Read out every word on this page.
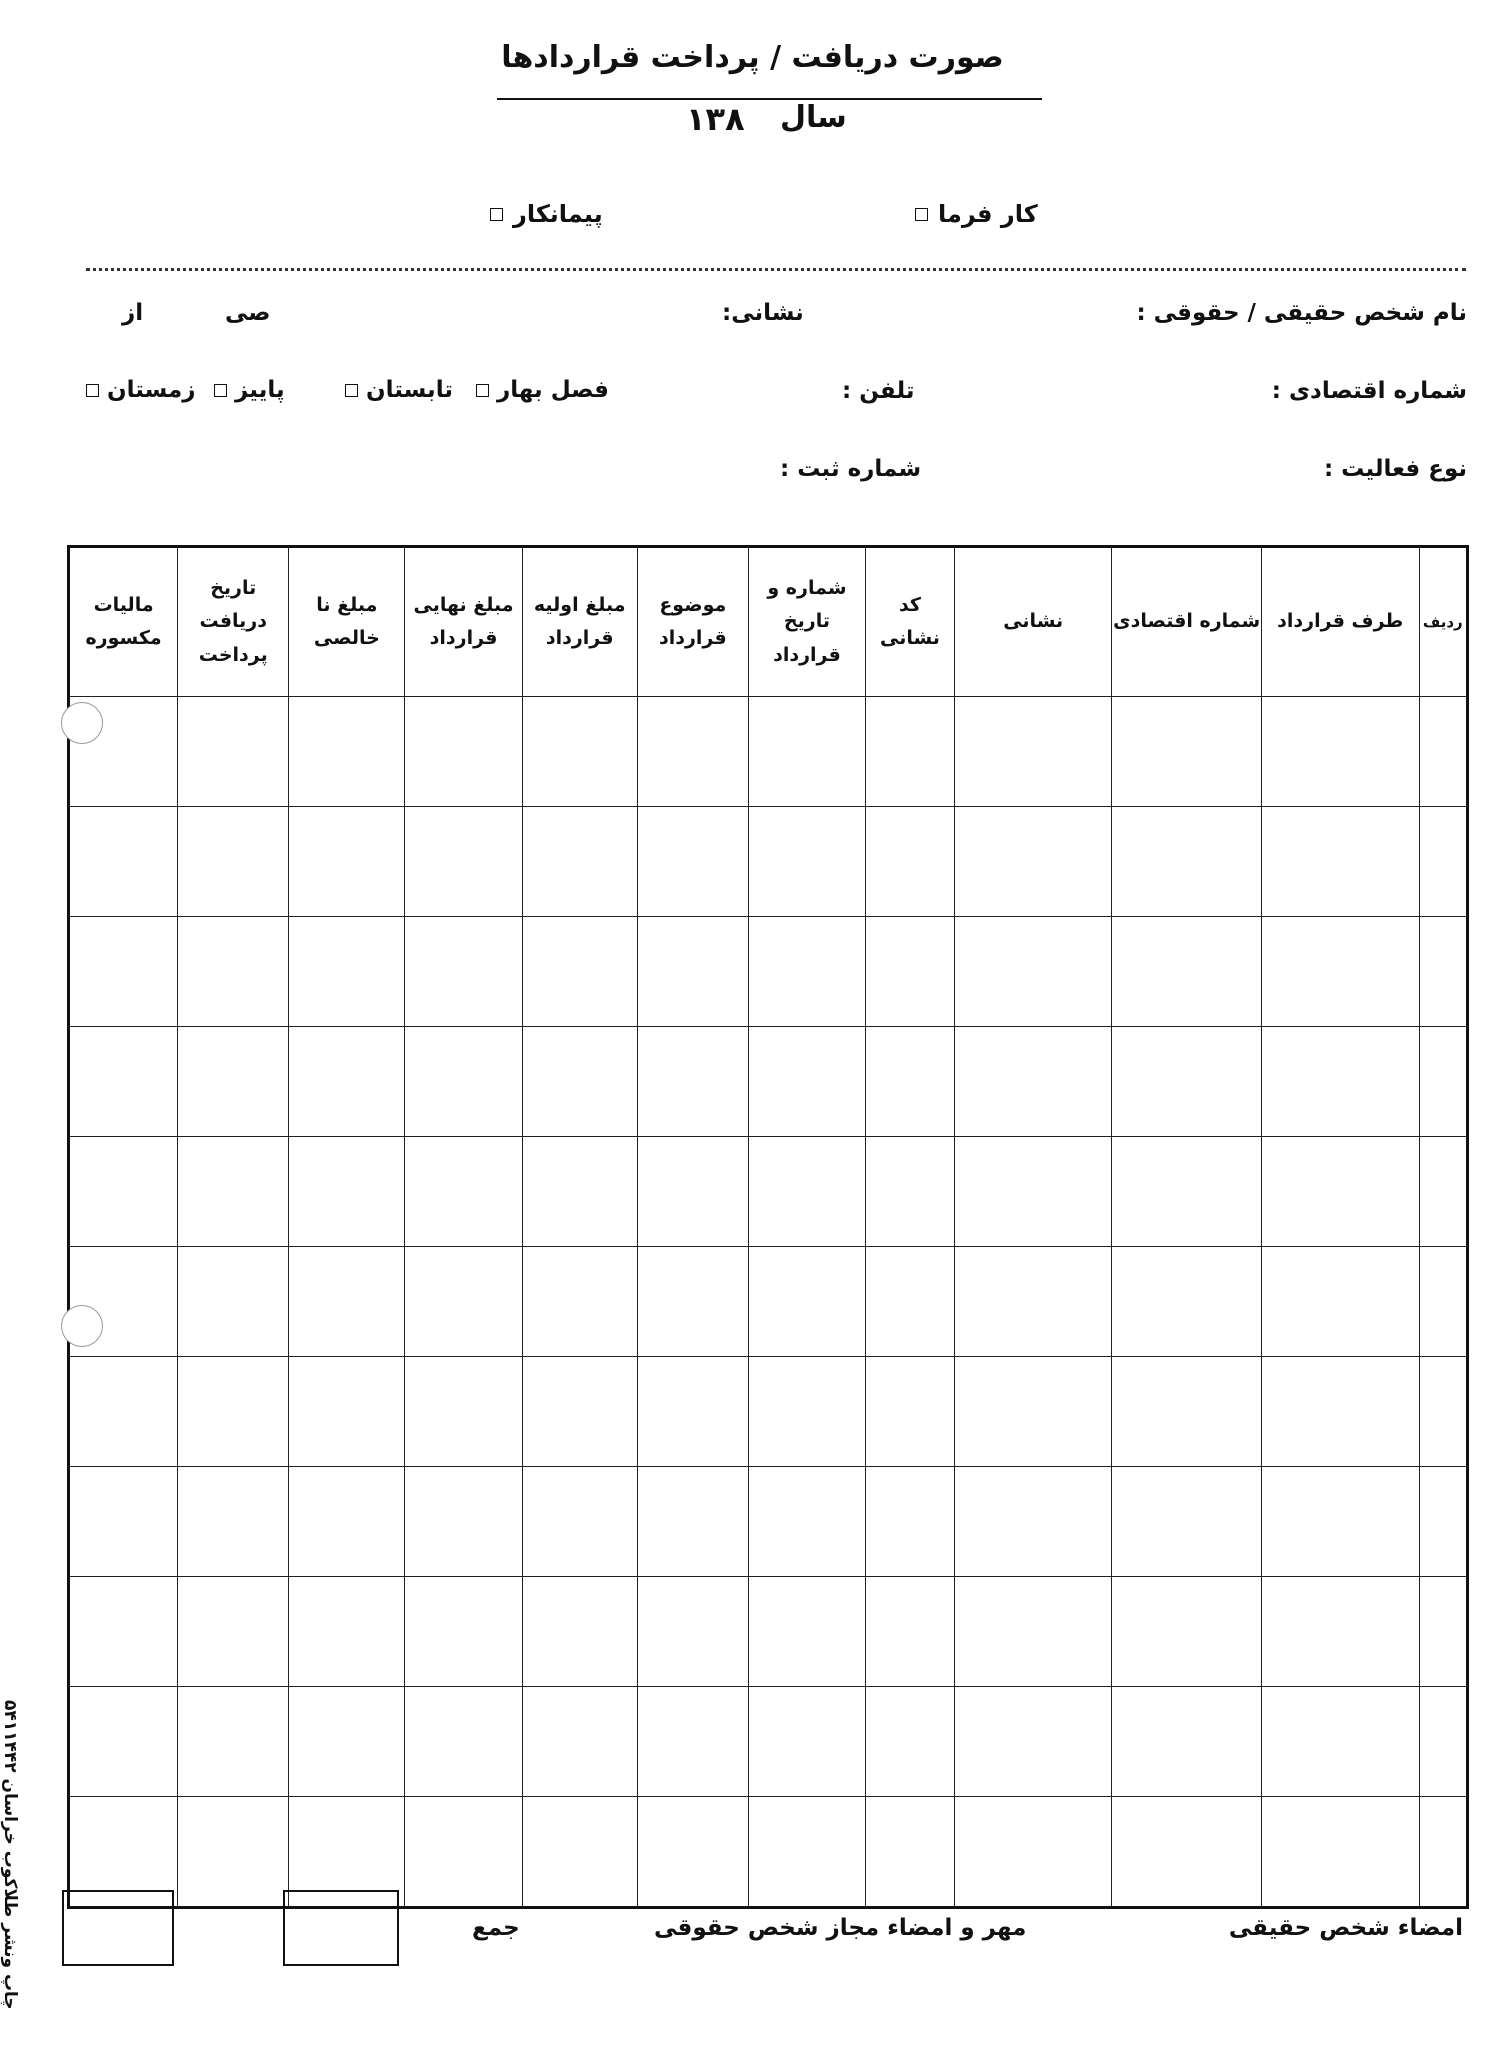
صورت دریافت / پرداخت قراردادها
سال
۱۳۸
کار فرما
پیمانکار
نام شخص حقیقی / حقوقی :
نشانی:
صی
از
شماره اقتصادی :
تلفن :
فصل بهار
تابستان
پاییز
زمستان
نوع فعالیت :
شماره ثبت :
ردیف	طرف قرارداد	شماره اقتصادی	نشانی	کد نشانی	شماره و تاریخ قرارداد	موضوع قرارداد	مبلغ اولیه قرارداد	مبلغ نهایی قرارداد	مبلغ نا خالصی	تاریخ دریافت پرداخت	مالیات مکسوره

امضاء شخص حقیقی
مهر و امضاء مجاز شخص حقوقی
جمع
چاپ ونشر طلاکوب خراسان ۵۴۱۱۴۴۲
